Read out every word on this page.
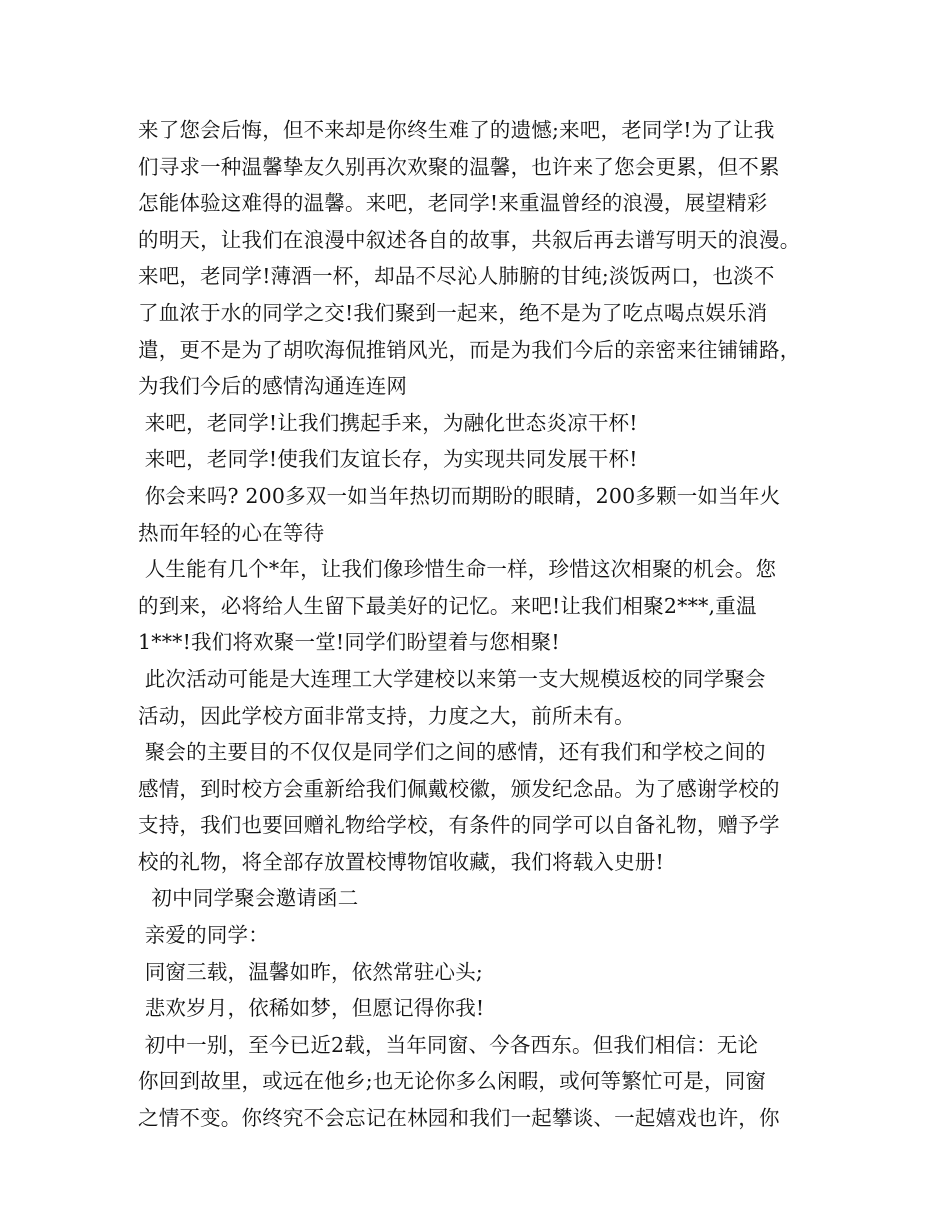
来了您会后悔，但不来却是你终生难了的遗憾;来吧，老同学!为了让我
们寻求一种温馨挚友久别再次欢聚的温馨，也许来了您会更累，但不累
怎能体验这难得的温馨。来吧，老同学!来重温曾经的浪漫，展望精彩
的明天，让我们在浪漫中叙述各自的故事，共叙后再去谱写明天的浪漫。
来吧，老同学!薄酒一杯，却品不尽沁人肺腑的甘纯;淡饭两口，也淡不
了血浓于水的同学之交!我们聚到一起来，绝不是为了吃点喝点娱乐消
遣，更不是为了胡吹海侃推销风光，而是为我们今后的亲密来往铺铺路，
为我们今后的感情沟通连连网
来吧，老同学!让我们携起手来，为融化世态炎凉干杯!
来吧，老同学!使我们友谊长存，为实现共同发展干杯!
你会来吗? 200多双一如当年热切而期盼的眼睛，200多颗一如当年火
热而年轻的心在等待
人生能有几个*年，让我们像珍惜生命一样，珍惜这次相聚的机会。您
的到来，必将给人生留下最美好的记忆。来吧!让我们相聚2***,重温
1***!我们将欢聚一堂!同学们盼望着与您相聚!
此次活动可能是大连理工大学建校以来第一支大规模返校的同学聚会
活动，因此学校方面非常支持，力度之大，前所未有。
聚会的主要目的不仅仅是同学们之间的感情，还有我们和学校之间的
感情，到时校方会重新给我们佩戴校徽，颁发纪念品。为了感谢学校的
支持，我们也要回赠礼物给学校，有条件的同学可以自备礼物，赠予学
校的礼物，将全部存放置校博物馆收藏，我们将载入史册!
初中同学聚会邀请函二
亲爱的同学：
同窗三载，温馨如昨，依然常驻心头;
悲欢岁月，依稀如梦，但愿记得你我!
初中一别，至今已近2载，当年同窗、今各西东。但我们相信：无论
你回到故里，或远在他乡;也无论你多么闲暇，或何等繁忙可是，同窗
之情不变。你终究不会忘记在林园和我们一起攀谈、一起嬉戏也许，你
